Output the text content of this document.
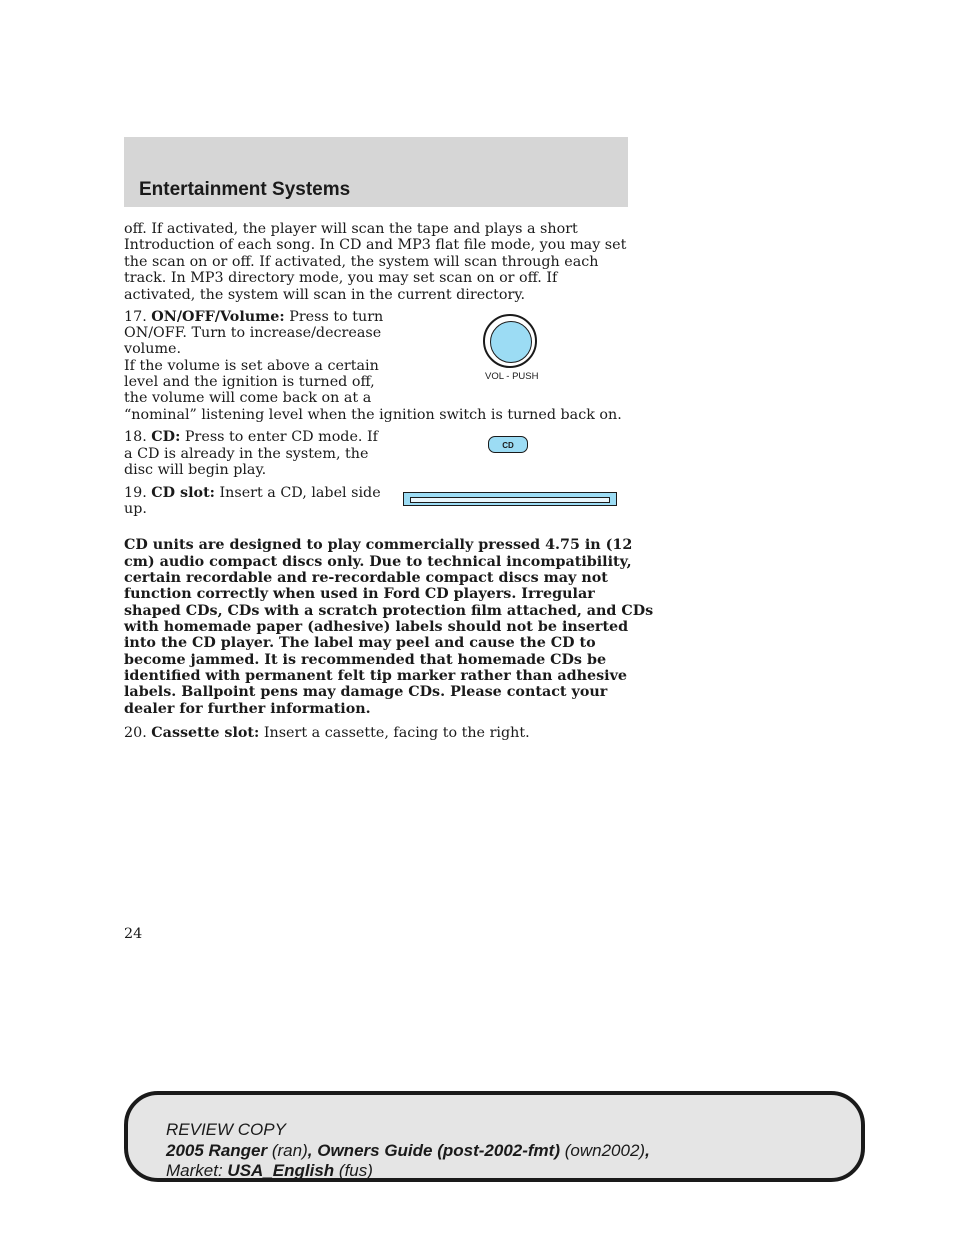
Entertainment Systems

off. If activated, the player will scan the tape and plays a short Introduction of each song. In CD and MP3 flat file mode, you may set the scan on or off. If activated, the system will scan through each track. In MP3 directory mode, you may set scan on or off. If activated, the system will scan in the current directory.

17. ON/OFF/Volume: Press to turn

ON/OFF. Turn to increase/decrease

volume.

If the volume is set above a certain

level and the ignition is turned off,

the volume will come back on at a

“nominal” listening level when the ignition switch is turned back on.

VOL - PUSH

18. CD: Press to enter CD mode. If

a CD is already in the system, the

disc will begin play.

CD

19. CD slot: Insert a CD, label side

up.

CD units are designed to play commercially pressed 4.75 in (12

cm) audio compact discs only. Due to technical incompatibility,

certain recordable and re-recordable compact discs may not

function correctly when used in Ford CD players. Irregular

shaped CDs, CDs with a scratch protection film attached, and CDs

with homemade paper (adhesive) labels should not be inserted

into the CD player. The label may peel and cause the CD to

become jammed. It is recommended that homemade CDs be

identified with permanent felt tip marker rather than adhesive

labels. Ballpoint pens may damage CDs. Please contact your

dealer for further information.

20. Cassette slot: Insert a cassette, facing to the right.

24

REVIEW COPY
2005 Ranger (ran), Owners Guide (post-2002-fmt) (own2002),
Market: USA_English (fus)
